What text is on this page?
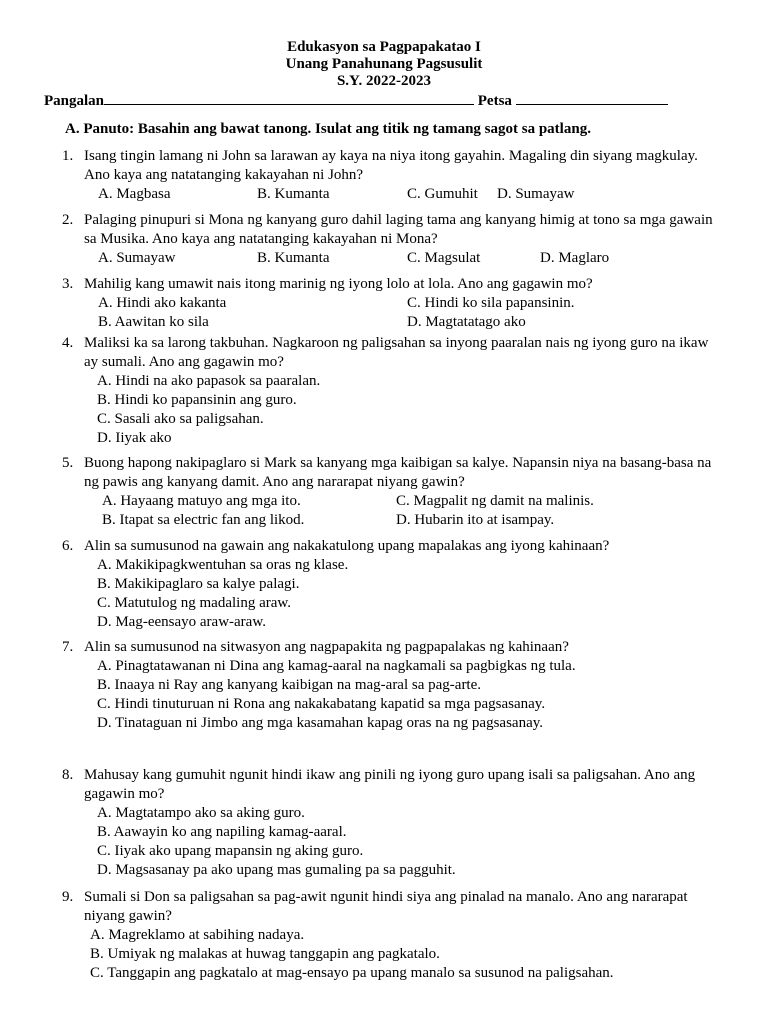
Edukasyon sa Pagpapakatao I
Unang Panahunang Pagsusulit
S.Y. 2022-2023
Pangalan	Petsa
A. Panuto: Basahin ang bawat tanong. Isulat ang titik ng tamang sagot sa patlang.
1. Isang tingin lamang ni John sa larawan ay kaya na niya itong gayahin. Magaling din siyang magkulay. Ano kaya ang natatanging kakayahan ni John?
A. Magbasa	B. Kumanta	C. Gumuhit D. Sumayaw
2. Palaging pinupuri si Mona ng kanyang guro dahil laging tama ang kanyang himig at tono sa mga gawain sa Musika. Ano kaya ang natatanging kakayahan ni Mona?
A. Sumayaw	B. Kumanta	C. Magsulat	D. Maglaro
3. Mahilig kang umawit nais itong marinig ng iyong lolo at lola. Ano ang gagawin mo?
A. Hindi ako kakanta	C. Hindi ko sila papansinin.
B. Aawitan ko sila	D. Magtatatago ako
4. Maliksi ka sa larong takbuhan. Nagkaroon ng paligsahan sa inyong paaralan nais ng iyong guro na ikaw ay sumali. Ano ang gagawin mo?
A. Hindi na ako papasok sa paaralan.
B. Hindi ko papansinin ang guro.
C. Sasali ako sa paligsahan.
D. Iiyak ako
5. Buong hapong nakipaglaro si Mark sa kanyang mga kaibigan sa kalye. Napansin niya na basang-basa na ng pawis ang kanyang damit. Ano ang nararapat niyang gawin?
A. Hayaang matuyo ang mga ito.	C. Magpalit ng damit na malinis.
B. Itapat sa electric fan ang likod.	D. Hubarin ito at isampay.
6. Alin sa sumusunod na gawain ang nakakatulong upang mapalakas ang iyong kahinaan?
A. Makikipagkwentuhan sa oras ng klase.
B. Makikipaglaro sa kalye palagi.
C. Matutulog ng madaling araw.
D. Mag-eensayo araw-araw.
7. Alin sa sumusunod na sitwasyon ang nagpapakita ng pagpapalakas ng kahinaan?
A. Pinagtatawanan ni Dina ang kamag-aaral na nagkamali sa pagbigkas ng tula.
B. Inaaya ni Ray ang kanyang kaibigan na mag-aral sa pag-arte.
C. Hindi tinuturuan ni Rona ang nakakabatang kapatid sa mga pagsasanay.
D. Tinataguan ni Jimbo ang mga kasamahan kapag oras na ng pagsasanay.
8. Mahusay kang gumuhit ngunit hindi ikaw ang pinili ng iyong guro upang isali sa paligsahan. Ano ang gagawin mo?
A. Magtatampo ako sa aking guro.
B. Aawayin ko ang napiling kamag-aaral.
C. Iiyak ako upang mapansin ng aking guro.
D. Magsasanay pa ako upang mas gumaling pa sa pagguhit.
9. Sumali si Don sa paligsahan sa pag-awit ngunit hindi siya ang pinalad na manalo. Ano ang nararapat niyang gawin?
A. Magreklamo at sabihing nadaya.
B. Umiyak ng malakas at huwag tanggapin ang pagkatalo.
C. Tanggapin ang pagkatalo at mag-ensayo pa upang manalo sa susunod na paligsahan.
